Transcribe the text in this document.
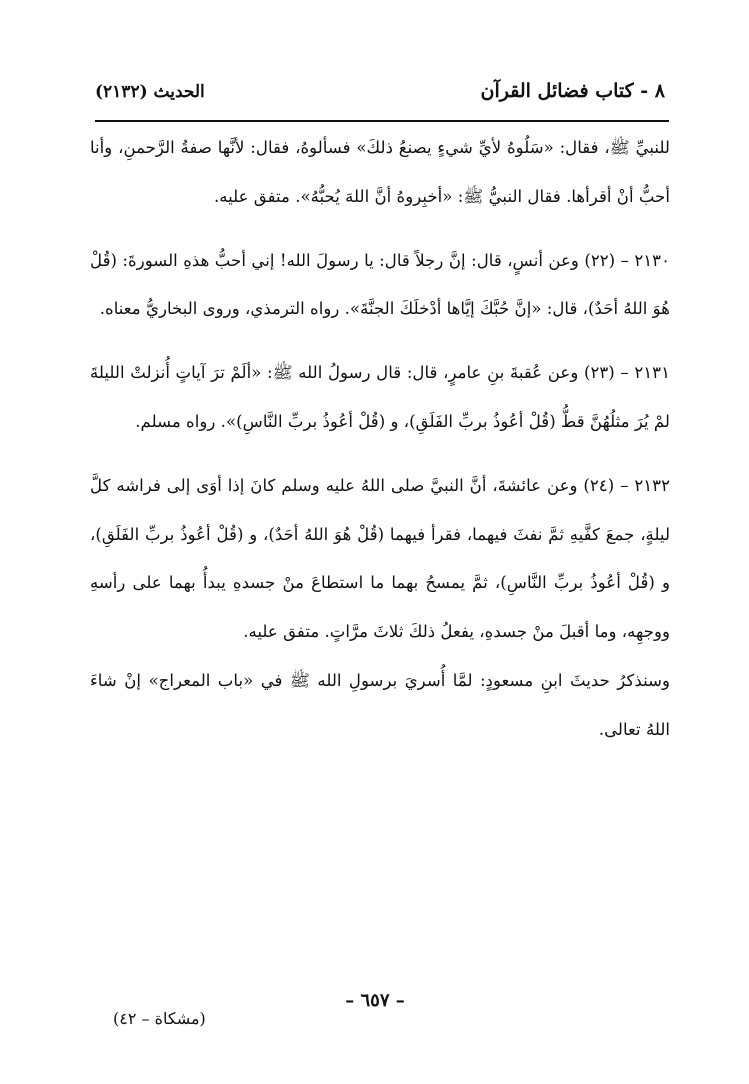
٨ - كتاب فضائل القرآن
الحديث (٢١٣٢)

للنبيِّ ﷺ، فقال: «سَلُوهُ لأيِّ شيءٍ يصنعُ ذلكَ» فسألوهُ، فقال: لأنَّها صفةُ الرَّحمنِ، وأنا أحبُّ أنْ أقرأها. فقال النبيُّ ﷺ: «أخبِروهُ أنَّ اللهَ يُحبُّهُ». متفق عليه.

٢١٣٠ – (٢٢) وعن أنسٍ، قال: إنَّ رجلاً قال: يا رسولَ الله! إني أحبُّ هذهِ السورةَ: (قُلْ هُوَ اللهُ أحَدٌ)، قال: «إنَّ حُبَّكَ إيَّاها أدْخلَكَ الجنَّةَ». رواه الترمذي، وروى البخاريُّ معناه.

٢١٣١ – (٢٣) وعن عُقبةَ بنِ عامرٍ، قال: قال رسولُ الله ﷺ: «ألَمْ ترَ آياتٍ أُنزلتْ الليلةَ لمْ يُرَ مثلُهُنَّ قطُّ (قُلْ أعُوذُ بربِّ الفَلَقِ)، و (قُلْ أعُوذُ بربِّ النَّاسِ)». رواه مسلم.

٢١٣٢ – (٢٤) وعن عائشةَ، أنَّ النبيَّ صلى اللهُ عليه وسلم كانَ إذا أوَى إلى فراشه كلَّ ليلةٍ، جمعَ كفَّيهِ ثمَّ نفثَ فيهما، فقرأ فيهما (قُلْ هُوَ اللهُ أحَدٌ)، و (قُلْ أعُوذُ بربِّ الفَلَقِ)، و (قُلْ أعُوذُ بربِّ النَّاسِ)، ثمَّ يمسحُ بهما ما استطاعَ منْ جسدهِ يبدأُ بهما على رأسهِ ووجهِه، وما أقبلَ منْ جسدهِ، يفعلُ ذلكَ ثلاثَ مرَّاتٍ. متفق عليه.

وسنذكرُ حديثَ ابنِ مسعودٍ: لمَّا أُسريَ برسولِ الله ﷺ في «باب المعراج» إنْ شاءَ اللهُ تعالى.

– ٦٥٧ –
(مشكاة – ٤٢)
